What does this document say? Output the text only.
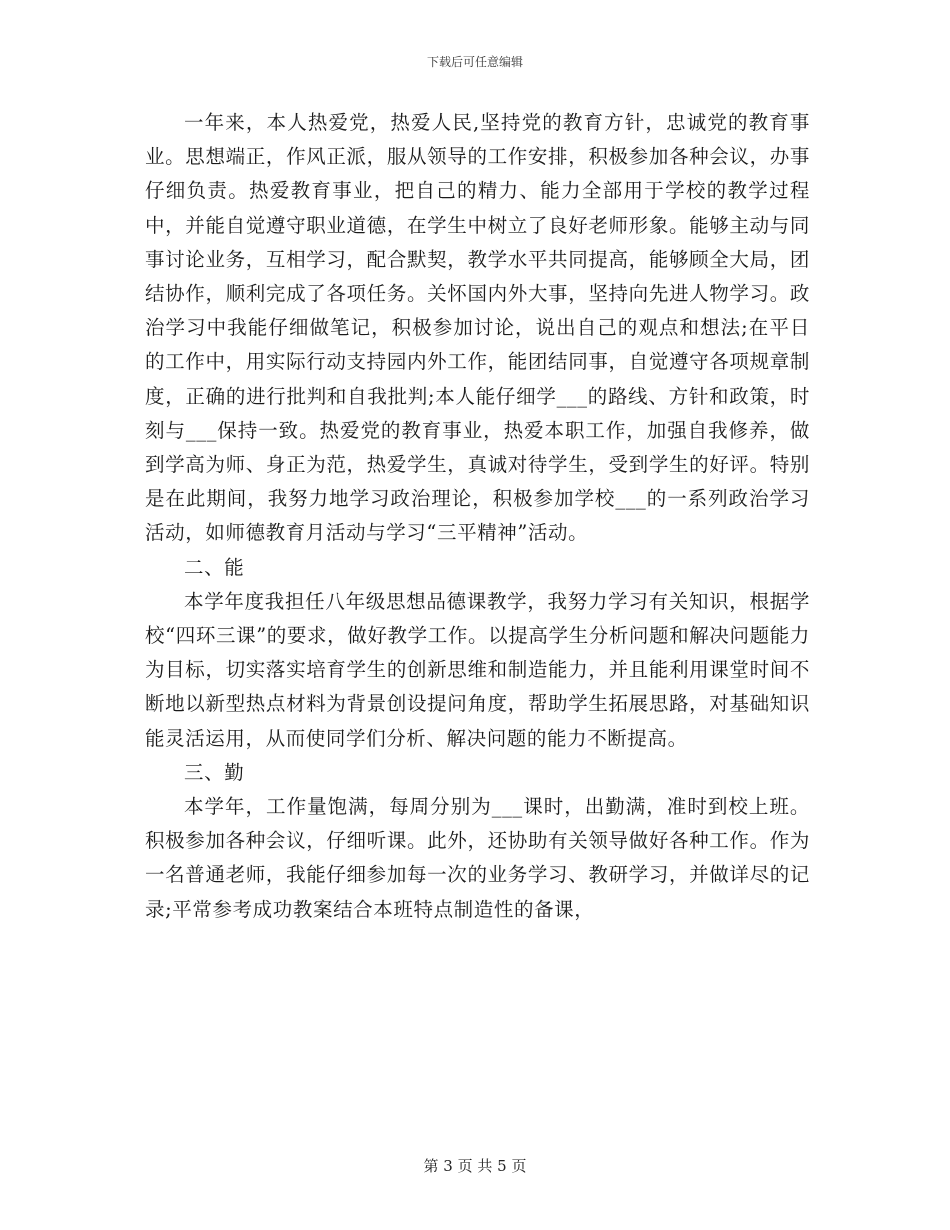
下载后可任意编辑

一年来，本人热爱党，热爱人民,坚持党的教育方针，忠诚党的教育事业。思想端正，作风正派，服从领导的工作安排，积极参加各种会议，办事仔细负责。热爱教育事业，把自己的精力、能力全部用于学校的教学过程中，并能自觉遵守职业道德，在学生中树立了良好老师形象。能够主动与同事讨论业务，互相学习，配合默契，教学水平共同提高，能够顾全大局，团结协作，顺利完成了各项任务。关怀国内外大事，坚持向先进人物学习。政治学习中我能仔细做笔记，积极参加讨论，说出自己的观点和想法;在平日的工作中，用实际行动支持园内外工作，能团结同事，自觉遵守各项规章制度，正确的进行批判和自我批判;本人能仔细学___的路线、方针和政策，时刻与___保持一致。热爱党的教育事业，热爱本职工作，加强自我修养，做到学高为师、身正为范，热爱学生，真诚对待学生，受到学生的好评。特别是在此期间，我努力地学习政治理论，积极参加学校___的一系列政治学习活动，如师德教育月活动与学习“三平精神”活动。

二、能

本学年度我担任八年级思想品德课教学，我努力学习有关知识，根据学校“四环三课”的要求，做好教学工作。以提高学生分析问题和解决问题能力为目标，切实落实培育学生的创新思维和制造能力，并且能利用课堂时间不断地以新型热点材料为背景创设提问角度，帮助学生拓展思路，对基础知识能灵活运用，从而使同学们分析、解决问题的能力不断提高。

三、勤

本学年，工作量饱满，每周分别为___课时，出勤满，准时到校上班。积极参加各种会议，仔细听课。此外，还协助有关领导做好各种工作。作为一名普通老师，我能仔细参加每一次的业务学习、教研学习，并做详尽的记录;平常参考成功教案结合本班特点制造性的备课，

第 3 页 共 5 页
